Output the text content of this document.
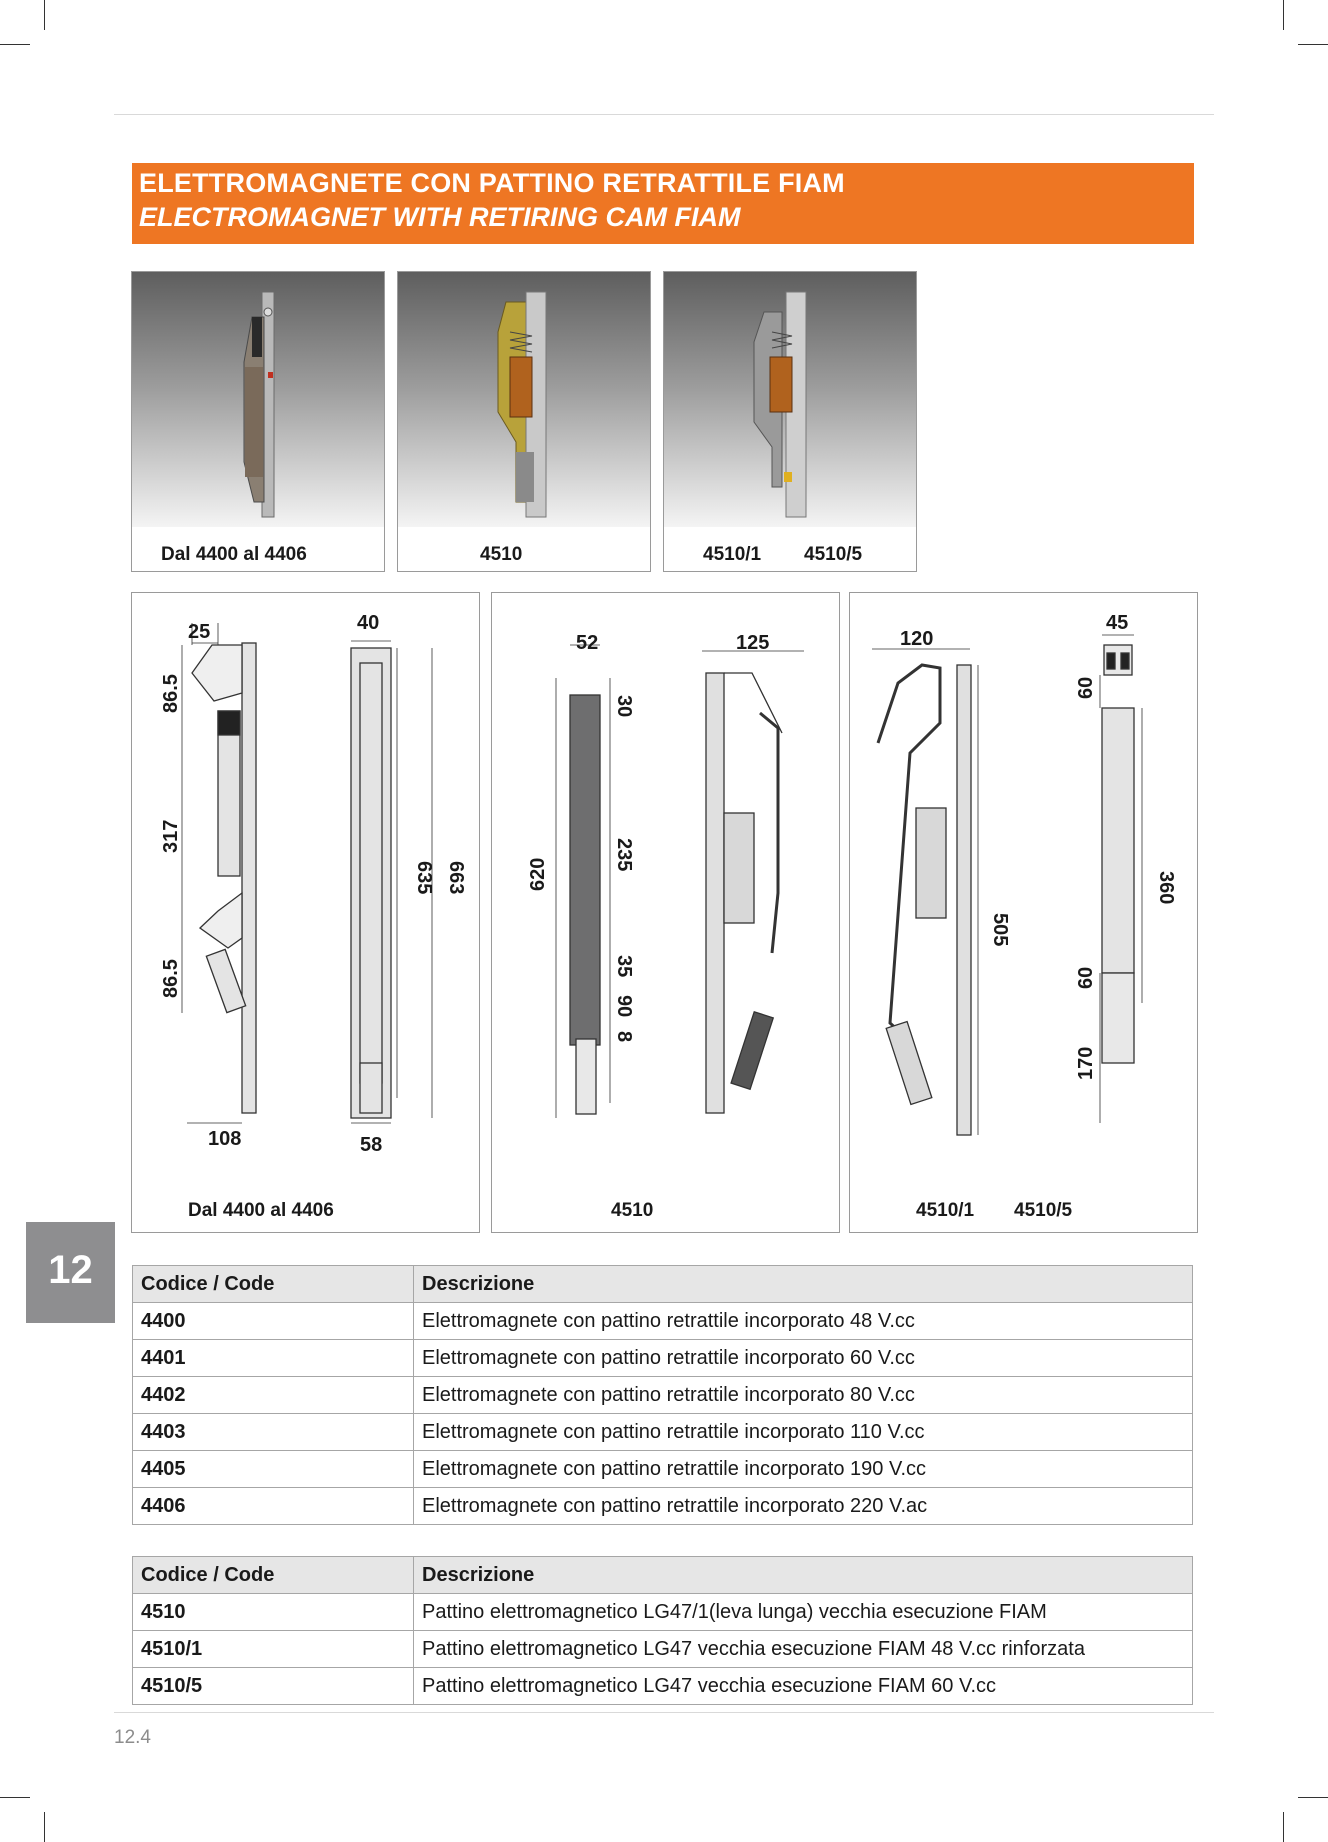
ELETTROMAGNETE CON PATTINO RETRATTILE FIAM
ELECTROMAGNET WITH RETIRING CAM FIAM
Dal 4400 al 4406	4510	4510/1 4510/5
25	40
86.5
317
86.5
635 663
108	58
Dal 4400 al 4406
52	125
30
620
235
35
90
8
4510
120
45
60
360
505
60
170
4510/1 4510/5
12	Codice / Code	Descrizione
4400	Elettromagnete con pattino retrattile incorporato 48 V.cc
4401	Elettromagnete con pattino retrattile incorporato 60 V.cc
4402	Elettromagnete con pattino retrattile incorporato 80 V.cc
4403	Elettromagnete con pattino retrattile incorporato 110 V.cc
4405	Elettromagnete con pattino retrattile incorporato 190 V.cc
4406	Elettromagnete con pattino retrattile incorporato 220 V.ac
Codice / Code	Descrizione
4510	Pattino elettromagnetico LG47/1(leva lunga) vecchia esecuzione FIAM
4510/1	Pattino elettromagnetico LG47 vecchia esecuzione FIAM 48 V.cc rinforzata
4510/5	Pattino elettromagnetico LG47 vecchia esecuzione FIAM 60 V.cc
12.4
